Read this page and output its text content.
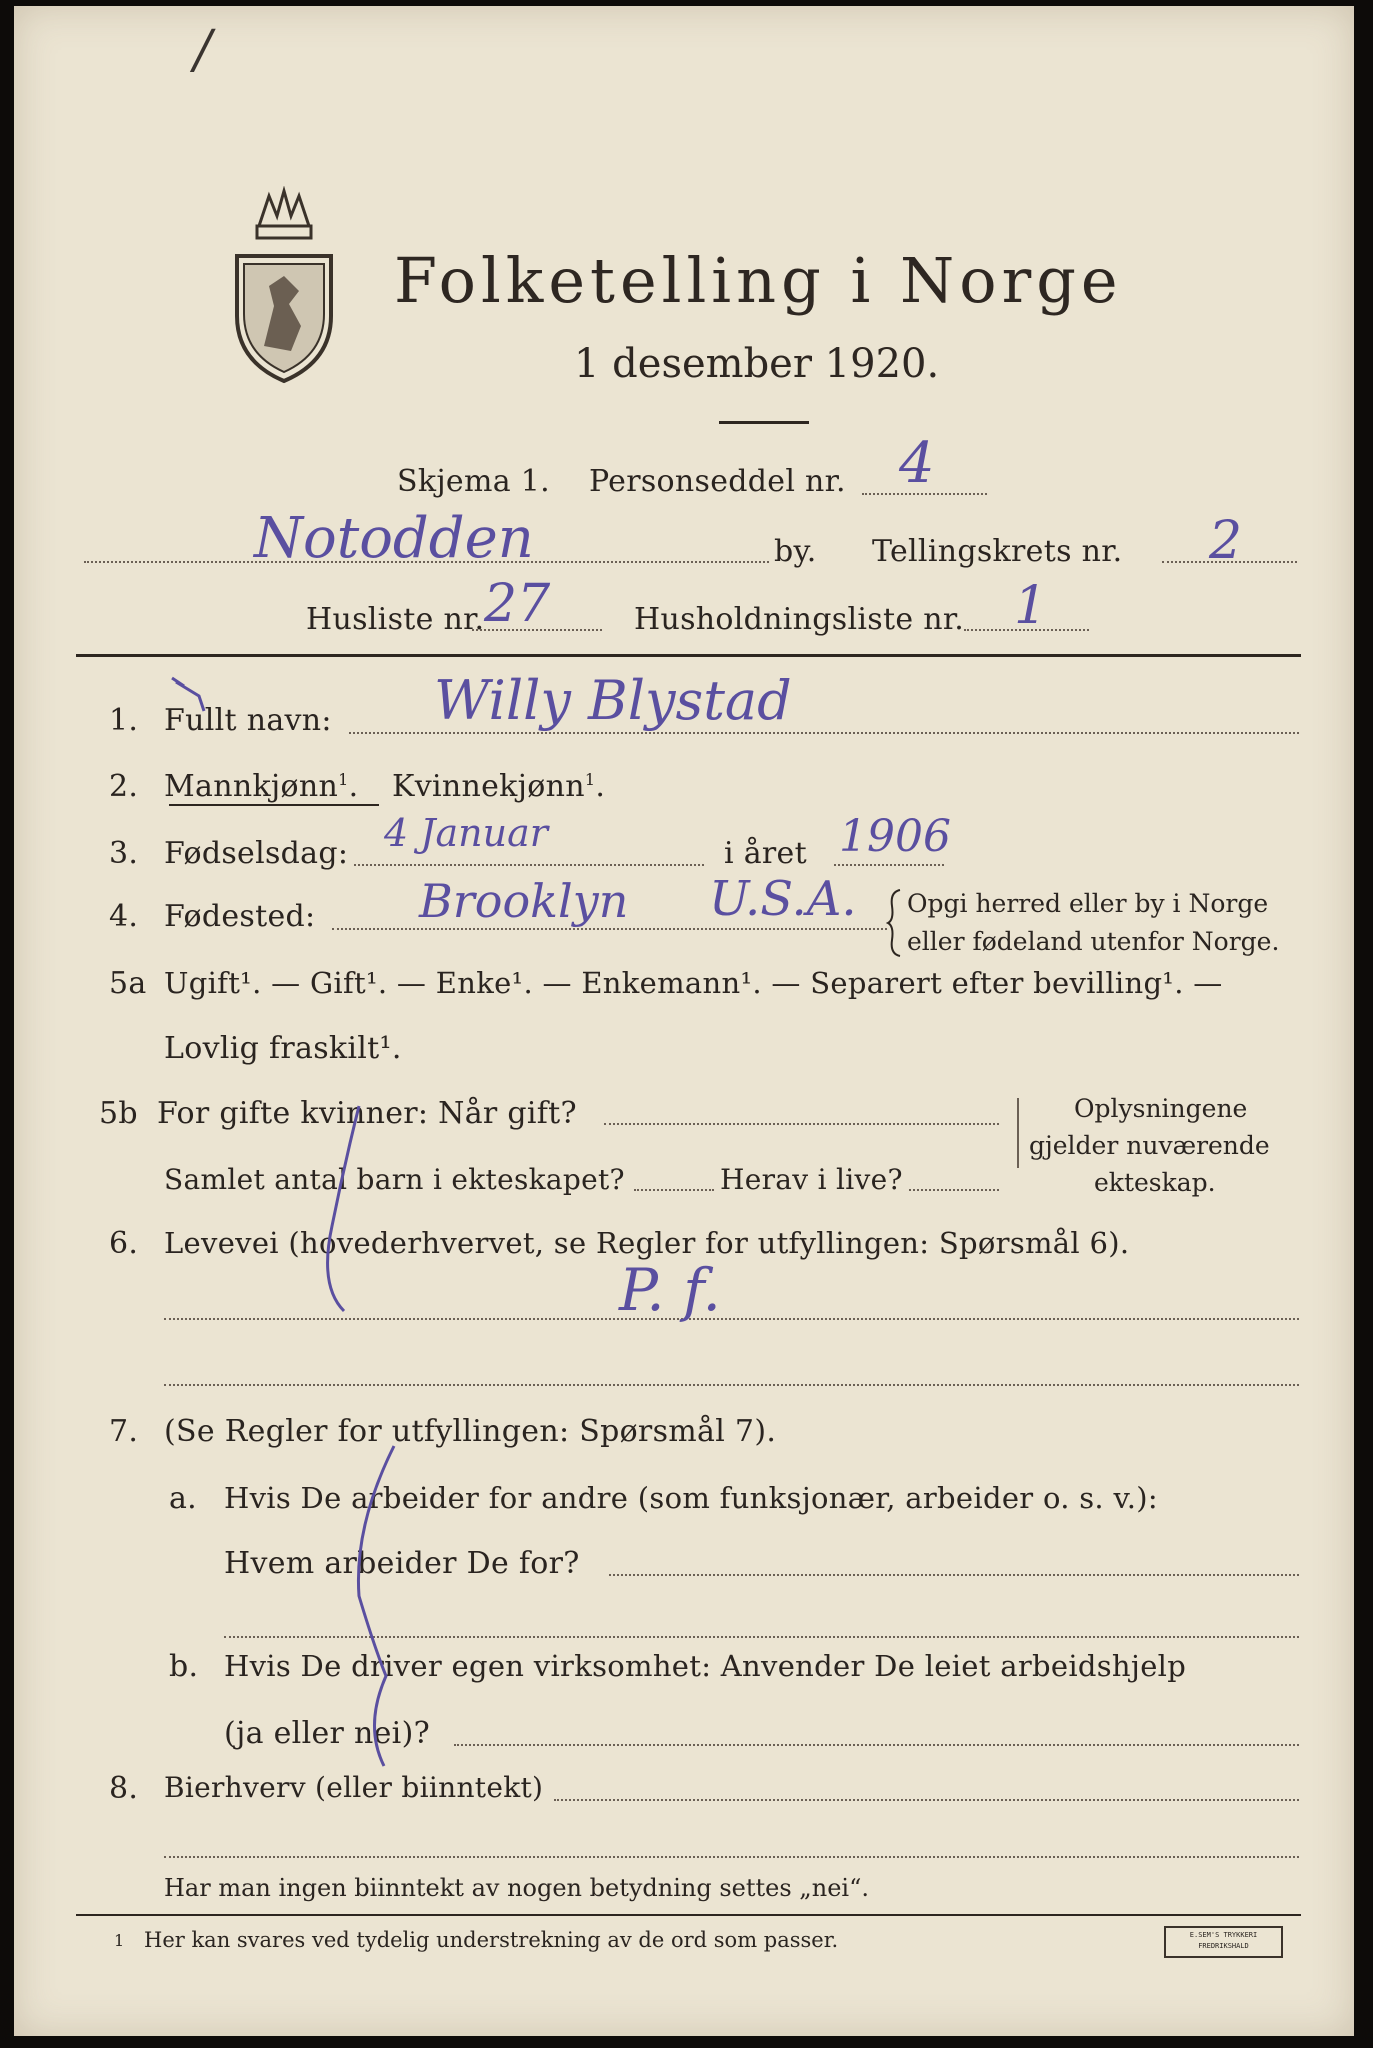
/
Folketelling i Norge
1 desember 1920.
Skjema 1. Personseddel nr. 4
Notodden	by. Tellingskrets nr. 2
Husliste nr. 27	Husholdningsliste nr. 1
1. Fullt navn: Willy Blystad
2. Mannkjønn$^1$. Kvinnekjønn$^1$.
3. Fødselsdag: 4 Januar	i året 1906
4. Fødested: Brooklyn U.S.A. Opgi herred eller by i Norge
eller fødeland utenfor Norge.
5a Ugift¹. — Gift¹. — Enke¹. — Enkemann¹. — Separert efter bevilling¹. —
Lovlig fraskilt¹.
5b For gifte kvinner: Når gift?
Samlet antal barn i ekteskapet?	Herav i live?
Oplysningene
gjelder nuværende
ekteskap.
6. Levevei (hovederhvervet, se Regler for utfyllingen: Spørsmål 6).
P. f.
7. (Se Regler for utfyllingen: Spørsmål 7).
a. Hvis De arbeider for andre (som funksjonær, arbeider o. s. v.):
Hvem arbeider De for?
b. Hvis De driver egen virksomhet: Anvender De leiet arbeidshjelp
(ja eller nei)?
8. Bierhverv (eller biinntekt)
Har man ingen biinntekt av nogen betydning settes „nei“.
1 Her kan svares ved tydelig understrekning av de ord som passer.	E.SEM'S TRYKKERI
FREDRIKSHALD
